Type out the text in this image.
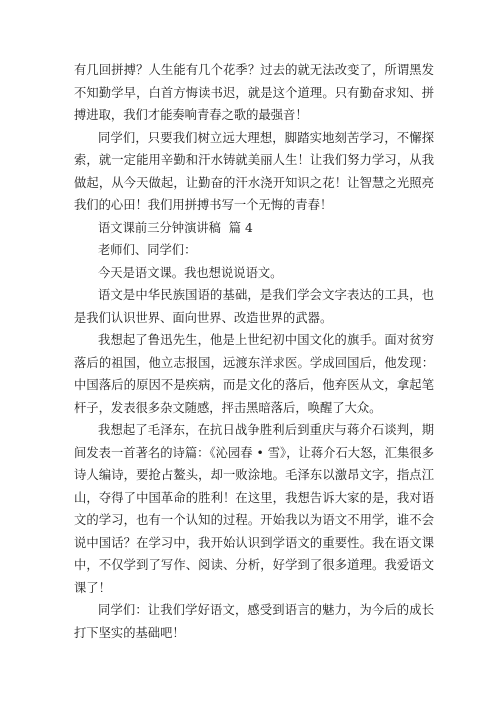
有几回拼搏？人生能有几个花季？过去的就无法改变了，所谓黑发不知勤学早，白首方悔读书迟，就是这个道理。只有勤奋求知、拼搏进取，我们才能奏响青春之歌的最强音！

同学们，只要我们树立远大理想，脚踏实地刻苦学习，不懈探索，就一定能用辛勤和汗水铸就美丽人生！让我们努力学习，从我做起，从今天做起，让勤奋的汗水浇开知识之花！让智慧之光照亮我们的心田！我们用拼搏书写一个无悔的青春！

语文课前三分钟演讲稿  篇 4

老师们、同学们：

今天是语文课。我也想说说语文。

语文是中华民族国语的基础，是我们学会文字表达的工具，也是我们认识世界、面向世界、改造世界的武器。

我想起了鲁迅先生，他是上世纪初中国文化的旗手。面对贫穷落后的祖国，他立志报国，远渡东洋求医。学成回国后，他发现：中国落后的原因不是疾病，而是文化的落后，他弃医从文，拿起笔杆子，发表很多杂文随感，抨击黑暗落后，唤醒了大众。

我想起了毛泽东，在抗日战争胜利后到重庆与蒋介石谈判，期间发表一首著名的诗篇：《沁园春 • 雪》，让蒋介石大怒，汇集很多诗人编诗，要抢占鳌头，却一败涂地。毛泽东以激昂文字，指点江山，夺得了中国革命的胜利！在这里，我想告诉大家的是，我对语文的学习，也有一个认知的过程。开始我以为语文不用学，谁不会说中国话？在学习中，我开始认识到学语文的重要性。我在语文课中，不仅学到了写作、阅读、分析，好学到了很多道理。我爱语文课了！

同学们：让我们学好语文，感受到语言的魅力，为今后的成长打下坚实的基础吧！
